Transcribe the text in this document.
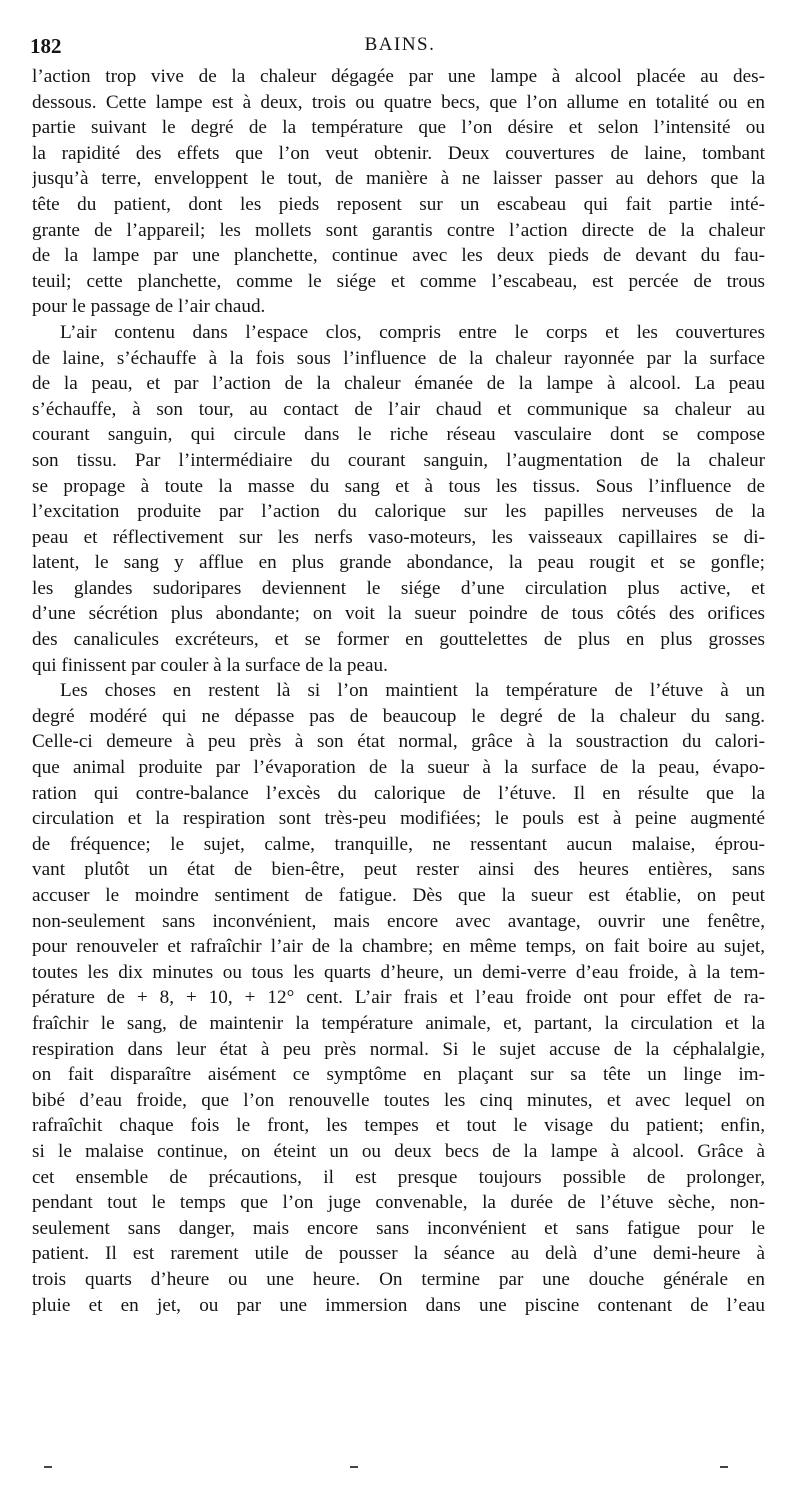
182	BAINS.
l’action trop vive de la chaleur dégagée par une lampe à alcool placée au des-
dessous. Cette lampe est à deux, trois ou quatre becs, que l’on allume en totalité ou en
partie suivant le degré de la température que l’on désire et selon l’intensité ou
la rapidité des effets que l’on veut obtenir. Deux couvertures de laine, tombant
jusqu’à terre, enveloppent le tout, de manière à ne laisser passer au dehors que la
tête du patient, dont les pieds reposent sur un escabeau qui fait partie inté-
grante de l’appareil; les mollets sont garantis contre l’action directe de la chaleur
de la lampe par une planchette, continue avec les deux pieds de devant du fau-
teuil; cette planchette, comme le siége et comme l’escabeau, est percée de trous
pour le passage de l’air chaud.
L’air contenu dans l’espace clos, compris entre le corps et les couvertures
de laine, s’échauffe à la fois sous l’influence de la chaleur rayonnée par la surface
de la peau, et par l’action de la chaleur émanée de la lampe à alcool. La peau
s’échauffe, à son tour, au contact de l’air chaud et communique sa chaleur au
courant sanguin, qui circule dans le riche réseau vasculaire dont se compose
son tissu. Par l’intermédiaire du courant sanguin, l’augmentation de la chaleur
se propage à toute la masse du sang et à tous les tissus. Sous l’influence de
l’excitation produite par l’action du calorique sur les papilles nerveuses de la
peau et réflectivement sur les nerfs vaso-moteurs, les vaisseaux capillaires se di-
latent, le sang y afflue en plus grande abondance, la peau rougit et se gonfle;
les glandes sudoripares deviennent le siége d’une circulation plus active, et
d’une sécrétion plus abondante; on voit la sueur poindre de tous côtés des orifices
des canalicules excréteurs, et se former en gouttelettes de plus en plus grosses
qui finissent par couler à la surface de la peau.
Les choses en restent là si l’on maintient la température de l’étuve à un
degré modéré qui ne dépasse pas de beaucoup le degré de la chaleur du sang.
Celle-ci demeure à peu près à son état normal, grâce à la soustraction du calori-
que animal produite par l’évaporation de la sueur à la surface de la peau, évapo-
ration qui contre-balance l’excès du calorique de l’étuve. Il en résulte que la
circulation et la respiration sont très-peu modifiées; le pouls est à peine augmenté
de fréquence; le sujet, calme, tranquille, ne ressentant aucun malaise, éprou-
vant plutôt un état de bien-être, peut rester ainsi des heures entières, sans
accuser le moindre sentiment de fatigue. Dès que la sueur est établie, on peut
non-seulement sans inconvénient, mais encore avec avantage, ouvrir une fenêtre,
pour renouveler et rafraîchir l’air de la chambre; en même temps, on fait boire au sujet,
toutes les dix minutes ou tous les quarts d’heure, un demi-verre d’eau froide, à la tem-
pérature de + 8, + 10, + 12° cent. L’air frais et l’eau froide ont pour effet de ra-
fraîchir le sang, de maintenir la température animale, et, partant, la circulation et la
respiration dans leur état à peu près normal. Si le sujet accuse de la céphalalgie,
on fait disparaître aisément ce symptôme en plaçant sur sa tête un linge im-
bibé d’eau froide, que l’on renouvelle toutes les cinq minutes, et avec lequel on
rafraîchit chaque fois le front, les tempes et tout le visage du patient; enfin,
si le malaise continue, on éteint un ou deux becs de la lampe à alcool. Grâce à
cet ensemble de précautions, il est presque toujours possible de prolonger,
pendant tout le temps que l’on juge convenable, la durée de l’étuve sèche, non-
seulement sans danger, mais encore sans inconvénient et sans fatigue pour le
patient. Il est rarement utile de pousser la séance au delà d’une demi-heure à
trois quarts d’heure ou une heure. On termine par une douche générale en
pluie et en jet, ou par une immersion dans une piscine contenant de l’eau
